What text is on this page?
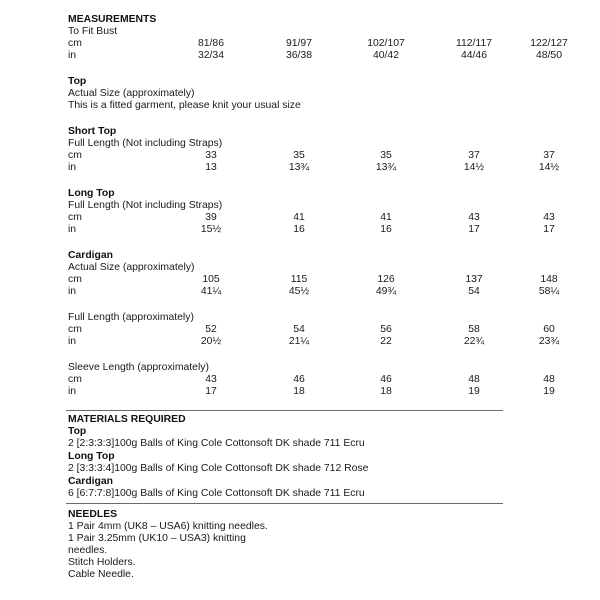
MEASUREMENTS
To Fit Bust
cm	81/86	91/97	102/107	112/117	122/127
in	32/34	36/38	40/42	44/46	48/50
Top
Actual Size (approximately)
This is a fitted garment, please knit your usual size
Short Top
Full Length (Not including Straps)
cm	33	35	35	37	37
in	13	13¾	13¾	14½	14½
Long Top
Full Length (Not including Straps)
cm	39	41	41	43	43
in	15½	16	16	17	17
Cardigan
Actual Size (approximately)
cm	105	115	126	137	148
in	41¼	45½	49¾	54	58¼
Full Length (approximately)
cm	52	54	56	58	60
in	20½	21¼	22	22¾	23¾
Sleeve Length (approximately)
cm	43	46	46	48	48
in	17	18	18	19	19
MATERIALS REQUIRED
Top
2 [2:3:3:3]100g Balls of King Cole Cottonsoft DK shade 711 Ecru
Long Top
2 [3:3:3:4]100g Balls of King Cole Cottonsoft DK shade 712 Rose
Cardigan
6 [6:7:7:8]100g Balls of King Cole Cottonsoft DK shade 711 Ecru
NEEDLES
1 Pair 4mm (UK8 – USA6) knitting needles.
1 Pair 3.25mm (UK10 – USA3) knitting
needles.
Stitch Holders.
Cable Needle.
